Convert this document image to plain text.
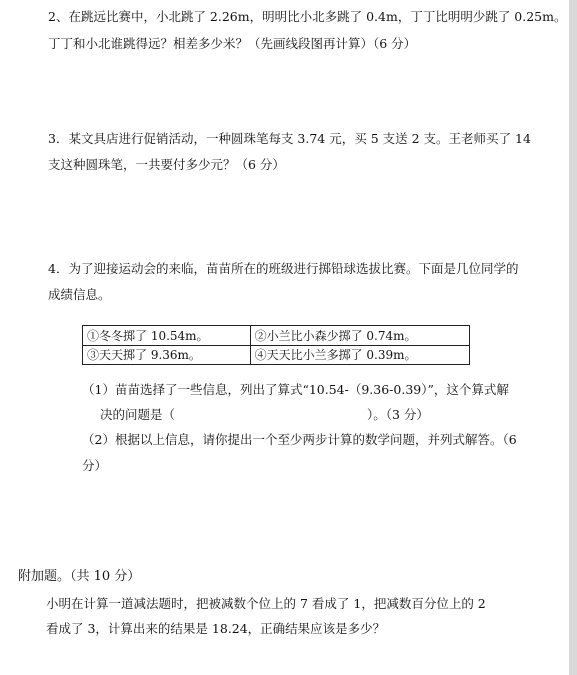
2、在跳远比赛中，小北跳了 2.26m，明明比小北多跳了 0.4m，丁丁比明明少跳了 0.25m。
丁丁和小北谁跳得远？相差多少米？（先画线段图再计算）（6 分）
3．某文具店进行促销活动，一种圆珠笔每支 3.74 元，买 5 支送 2 支。王老师买了 14
支这种圆珠笔，一共要付多少元？（6 分）
4．为了迎接运动会的来临，苗苗所在的班级进行掷铅球选拔比赛。下面是几位同学的
成绩信息。
①冬冬掷了 10.54m。	②小兰比小森少掷了 0.74m。
③天天掷了 9.36m。	④天天比小兰多掷了 0.39m。
（1）苗苗选择了一些信息，列出了算式“10.54-（9.36-0.39）”，这个算式解
决的问题是（	）。（3 分）
（2）根据以上信息，请你提出一个至少两步计算的数学问题，并列式解答。（6
分）
附加题。（共 10 分）
小明在计算一道减法题时，把被减数个位上的 7 看成了 1，把减数百分位上的 2
看成了 3，计算出来的结果是 18.24，正确结果应该是多少？
